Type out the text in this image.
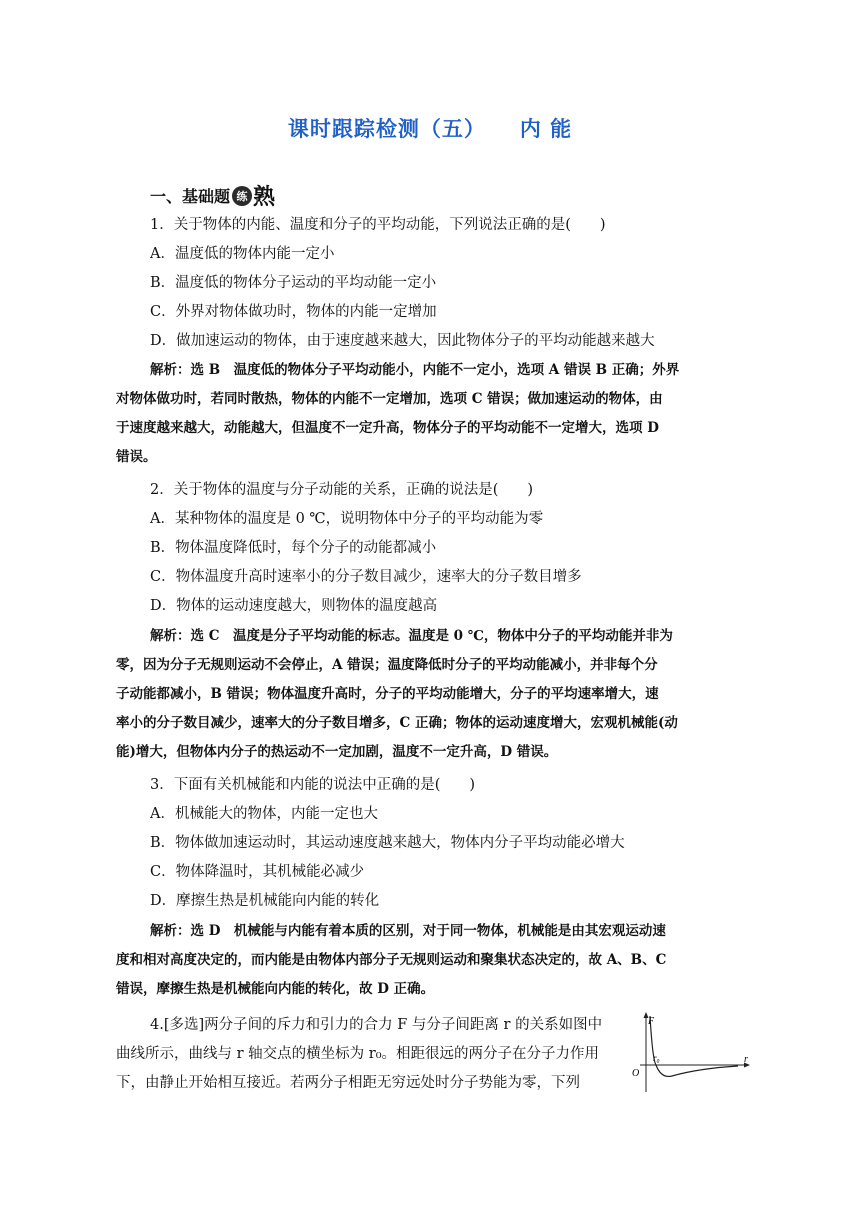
课时跟踪检测（五） 内 能
一、基础题 练 熟
1．关于物体的内能、温度和分子的平均动能，下列说法正确的是(　　)
A．温度低的物体内能一定小
B．温度低的物体分子运动的平均动能一定小
C．外界对物体做功时，物体的内能一定增加
D．做加速运动的物体，由于速度越来越大，因此物体分子的平均动能越来越大

解析：选 B　温度低的物体分子平均动能小，内能不一定小，选项 A 错误 B 正确；外界

对物体做功时，若同时散热，物体的内能不一定增加，选项 C 错误；做加速运动的物体，由

于速度越来越大，动能越大，但温度不一定升高，物体分子的平均动能不一定增大，选项 D

错误。

2．关于物体的温度与分子动能的关系，正确的说法是(　　)
A．某种物体的温度是 0 ℃，说明物体中分子的平均动能为零
B．物体温度降低时，每个分子的动能都减小
C．物体温度升高时速率小的分子数目减少，速率大的分子数目增多
D．物体的运动速度越大，则物体的温度越高

解析：选 C　温度是分子平均动能的标志。温度是 0 ℃，物体中分子的平均动能并非为

零，因为分子无规则运动不会停止，A 错误；温度降低时分子的平均动能减小，并非每个分

子动能都减小，B 错误；物体温度升高时，分子的平均动能增大，分子的平均速率增大，速

率小的分子数目减少，速率大的分子数目增多，C 正确；物体的运动速度增大，宏观机械能(动

能)增大，但物体内分子的热运动不一定加剧，温度不一定升高，D 错误。

3．下面有关机械能和内能的说法中正确的是(　　)
A．机械能大的物体，内能一定也大
B．物体做加速运动时，其运动速度越来越大，物体内分子平均动能必增大
C．物体降温时，其机械能必减少
D．摩擦生热是机械能向内能的转化

解析：选 D　机械能与内能有着本质的区别，对于同一物体，机械能是由其宏观运动速

度和相对高度决定的，而内能是由物体内部分子无规则运动和聚集状态决定的，故 A、B、C

错误，摩擦生热是机械能向内能的转化，故 D 正确。

4.[多选]两分子间的斥力和引力的合力 F 与分子间距离 r 的关系如图中

曲线所示，曲线与 r 轴交点的横坐标为 r₀。相距很远的两分子在分子力作用

下，由静止开始相互接近。若两分子相距无穷远处时分子势能为零，下列

F
r
O
r₀
